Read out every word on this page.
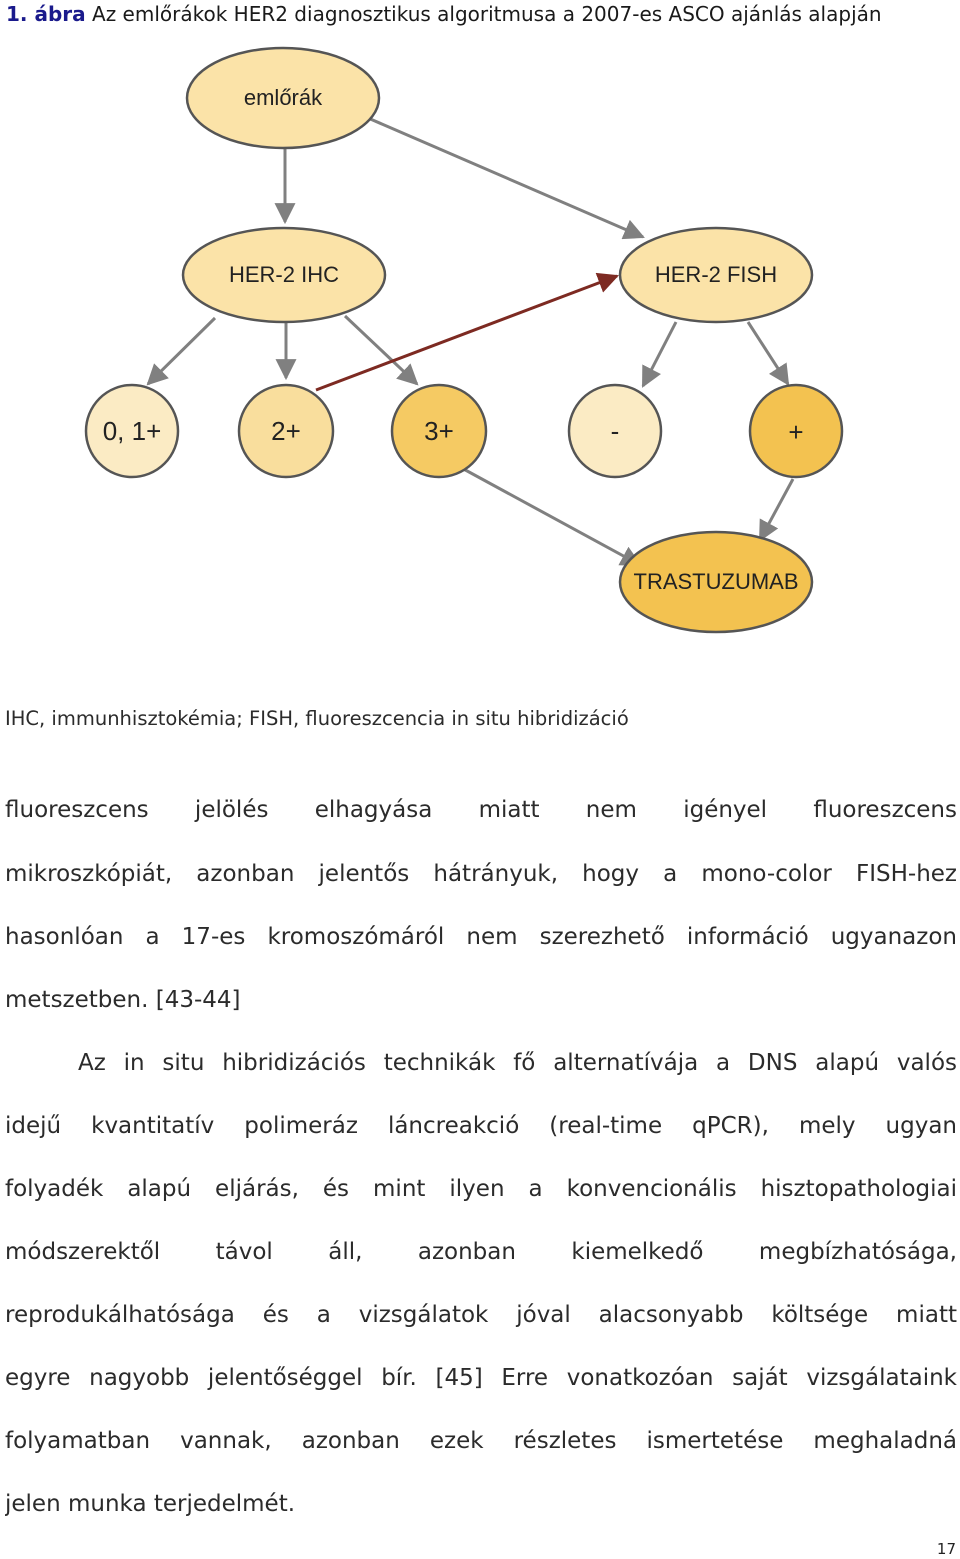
1. ábra Az emlőrákok HER2 diagnosztikus algoritmusa a 2007-es ASCO ajánlás alapján
emlőrák
HER-2 IHC	HER-2 FISH
0, 1+	2+	3+	-	+
TRASTUZUMAB
IHC, immunhisztokémia; FISH, fluoreszcencia in situ hibridizáció
fluoreszcens jelölés elhagyása miatt nem igényel fluoreszcens
mikroszkópiát, azonban jelentős hátrányuk, hogy a mono-color FISH-hez
hasonlóan a 17-es kromoszómáról nem szerezhető információ ugyanazon
metszetben. [43-44]
Az in situ hibridizációs technikák fő alternatívája a DNS alapú valós
idejű kvantitatív polimeráz láncreakció (real-time qPCR), mely ugyan
folyadék alapú eljárás, és mint ilyen a konvencionális hisztopathologiai
módszerektől távol áll, azonban kiemelkedő megbízhatósága,
reprodukálhatósága és a vizsgálatok jóval alacsonyabb költsége miatt
egyre nagyobb jelentőséggel bír. [45] Erre vonatkozóan saját vizsgálataink
folyamatban vannak, azonban ezek részletes ismertetése meghaladná
jelen munka terjedelmét.
17
